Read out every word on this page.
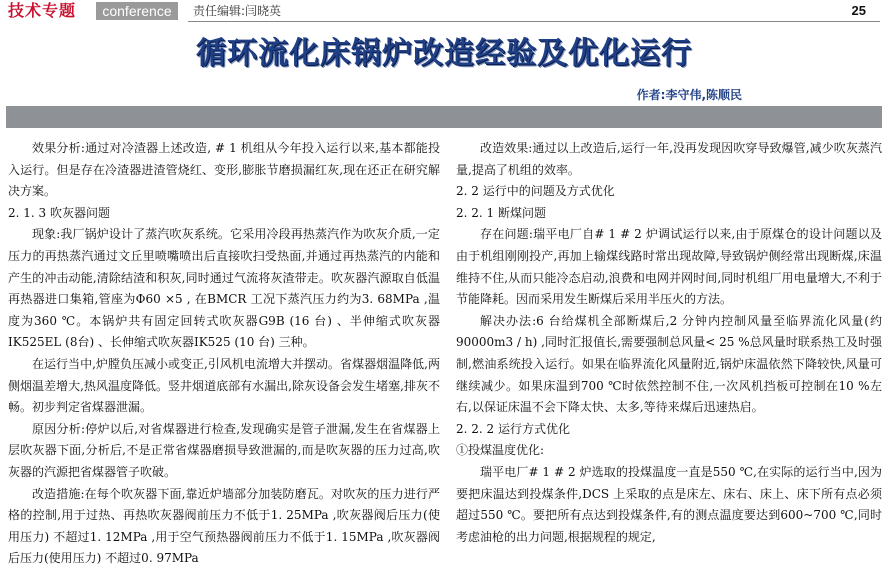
技术专题	conference	责任编辑:闫晓英	25
循环流化床锅炉改造经验及优化运行
作者:李守伟,陈顺民

效果分析:通过对冷渣器上述改造, # 1 机组从今年投入运行以来,基本都能投入运行。但是存在冷渣器进渣管烧红、变形,膨胀节磨损漏红灰,现在还正在研究解决方案。

2. 1. 3 吹灰器问题

现象:我厂锅炉设计了蒸汽吹灰系统。它采用冷段再热蒸汽作为吹灰介质,一定压力的再热蒸汽通过文丘里喷嘴喷出后直接吹扫受热面,并通过再热蒸汽的内能和产生的冲击动能,清除结渣和积灰,同时通过气流将灰渣带走。吹灰器汽源取自低温再热器进口集箱,管座为Φ60 ×5 , 在BMCR 工况下蒸汽压力约为3. 68MPa ,温度为360 ℃。本锅炉共有固定回转式吹灰器G9B (16 台) 、半伸缩式吹灰器IK525EL (8台) 、长伸缩式吹灰器IK525 (10 台) 三种。

在运行当中,炉膛负压减小或变正,引风机电流增大并摆动。省煤器烟温降低,两侧烟温差增大,热风温度降低。竖井烟道底部有水漏出,除灰设备会发生堵塞,排灰不畅。初步判定省煤器泄漏。

原因分析:停炉以后,对省煤器进行检查,发现确实是管子泄漏,发生在省煤器上层吹灰器下面,分析后,不是正常省煤器磨损导致泄漏的,而是吹灰器的压力过高,吹灰器的汽源把省煤器管子吹破。

改造措施:在每个吹灰器下面,靠近炉墙部分加装防磨瓦。对吹灰的压力进行严格的控制,用于过热、再热吹灰器阀前压力不低于1. 25MPa ,吹灰器阀后压力(使用压力) 不超过1. 12MPa ,用于空气预热器阀前压力不低于1. 15MPa ,吹灰器阀后压力(使用压力) 不超过0. 97MPa

改造效果:通过以上改造后,运行一年,没再发现因吹穿导致爆管,减少吹灰蒸汽量,提高了机组的效率。

2. 2 运行中的问题及方式优化

2. 2. 1 断煤问题

存在问题:瑞平电厂自# 1 # 2 炉调试运行以来,由于原煤仓的设计问题以及由于机组刚刚投产,再加上输煤线路时常出现故障,导致锅炉侧经常出现断煤,床温维持不住,从而只能冷态启动,浪费和电网并网时间,同时机组厂用电量增大,不利于节能降耗。因而采用发生断煤后采用半压火的方法。

解决办法:6 台给煤机全部断煤后,2 分钟内控制风量至临界流化风量(约90000m3 / h) ,同时汇报值长,需要强制总风量< 25 %总风量时联系热工及时强制,燃油系统投入运行。如果在临界流化风量附近,锅炉床温依然下降较快,风量可继续减少。如果床温到700 ℃时依然控制不住,一次风机挡板可控制在10 %左右,以保证床温不会下降太快、太多,等待来煤后迅速热启。

2. 2. 2 运行方式优化

①投煤温度优化:

瑞平电厂# 1 # 2 炉选取的投煤温度一直是550 ℃,在实际的运行当中,因为要把床温达到投煤条件,DCS 上采取的点是床左、床右、床上、床下所有点必须超过550 ℃。要把所有点达到投煤条件,有的测点温度要达到600~700 ℃,同时考虑油枪的出力问题,根据规程的规定,
